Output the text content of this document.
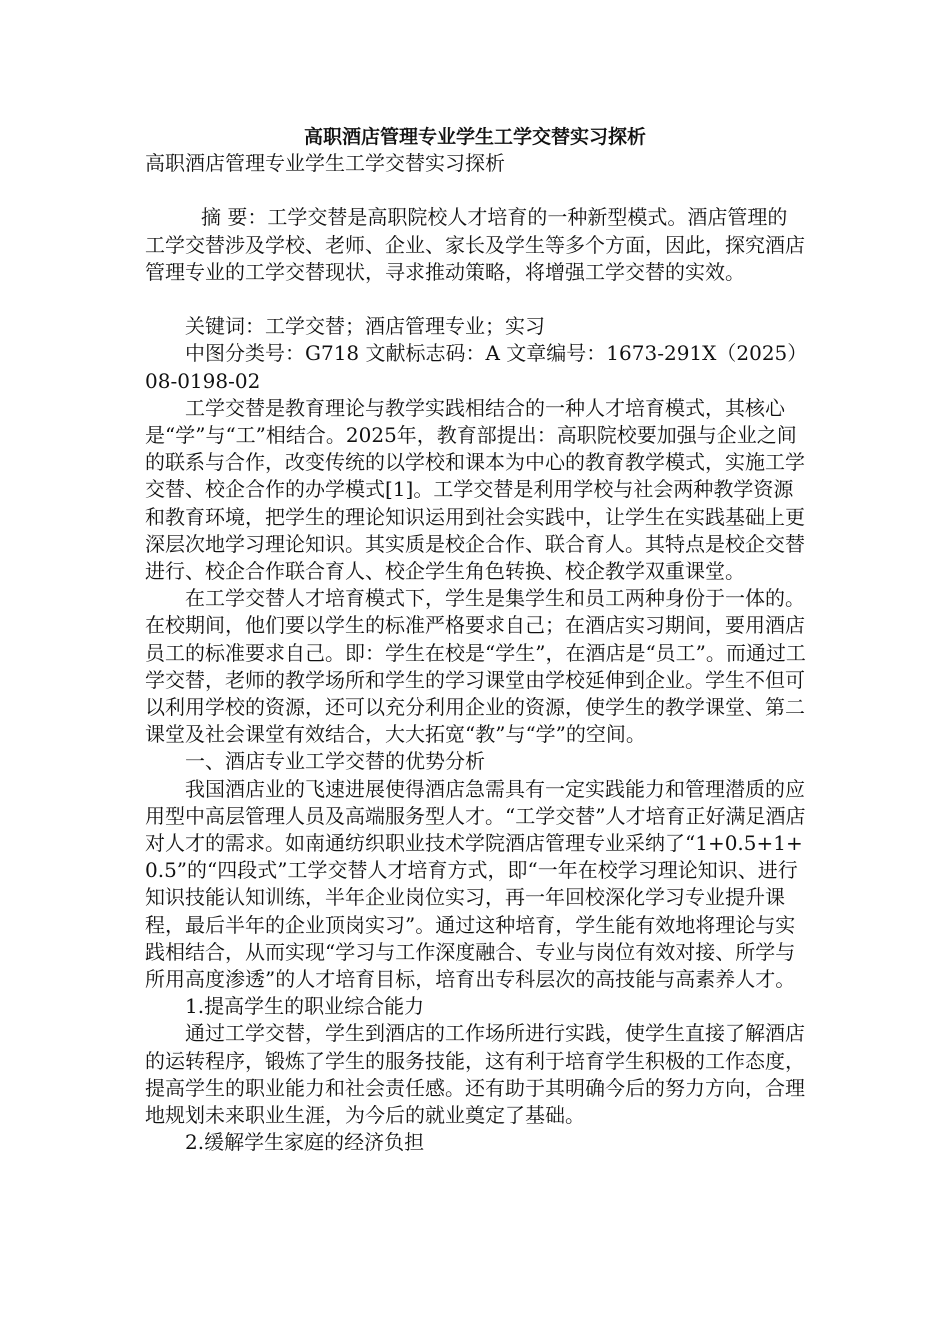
高职酒店管理专业学生工学交替实习探析

高职酒店管理专业学生工学交替实习探析

摘 要：工学交替是高职院校人才培育的一种新型模式。酒店管理的工学交替涉及学校、老师、企业、家长及学生等多个方面，因此，探究酒店管理专业的工学交替现状，寻求推动策略，将增强工学交替的实效。

关键词：工学交替；酒店管理专业；实习

中图分类号：G718 文献标志码：A 文章编号：1673-291X（2025）08-0198-02

工学交替是教育理论与教学实践相结合的一种人才培育模式，其核心是“学”与“工”相结合。2025年，教育部提出：高职院校要加强与企业之间的联系与合作，改变传统的以学校和课本为中心的教育教学模式，实施工学交替、校企合作的办学模式[1]。工学交替是利用学校与社会两种教学资源和教育环境，把学生的理论知识运用到社会实践中，让学生在实践基础上更深层次地学习理论知识。其实质是校企合作、联合育人。其特点是校企交替进行、校企合作联合育人、校企学生角色转换、校企教学双重课堂。

在工学交替人才培育模式下，学生是集学生和员工两种身份于一体的。在校期间，他们要以学生的标准严格要求自己；在酒店实习期间，要用酒店员工的标准要求自己。即：学生在校是“学生”，在酒店是“员工”。而通过工学交替，老师的教学场所和学生的学习课堂由学校延伸到企业。学生不但可以利用学校的资源，还可以充分利用企业的资源，使学生的教学课堂、第二课堂及社会课堂有效结合，大大拓宽“教”与“学”的空间。

一、酒店专业工学交替的优势分析

我国酒店业的飞速进展使得酒店急需具有一定实践能力和管理潜质的应用型中高层管理人员及高端服务型人才。“工学交替”人才培育正好满足酒店对人才的需求。如南通纺织职业技术学院酒店管理专业采纳了“1+0.5+1+0.5”的“四段式”工学交替人才培育方式，即“一年在校学习理论知识、进行知识技能认知训练，半年企业岗位实习，再一年回校深化学习专业提升课程，最后半年的企业顶岗实习”。通过这种培育，学生能有效地将理论与实践相结合，从而实现“学习与工作深度融合、专业与岗位有效对接、所学与所用高度渗透”的人才培育目标，培育出专科层次的高技能与高素养人才。

1.提高学生的职业综合能力

通过工学交替，学生到酒店的工作场所进行实践，使学生直接了解酒店的运转程序，锻炼了学生的服务技能，这有利于培育学生积极的工作态度，提高学生的职业能力和社会责任感。还有助于其明确今后的努力方向，合理地规划未来职业生涯，为今后的就业奠定了基础。

2.缓解学生家庭的经济负担
